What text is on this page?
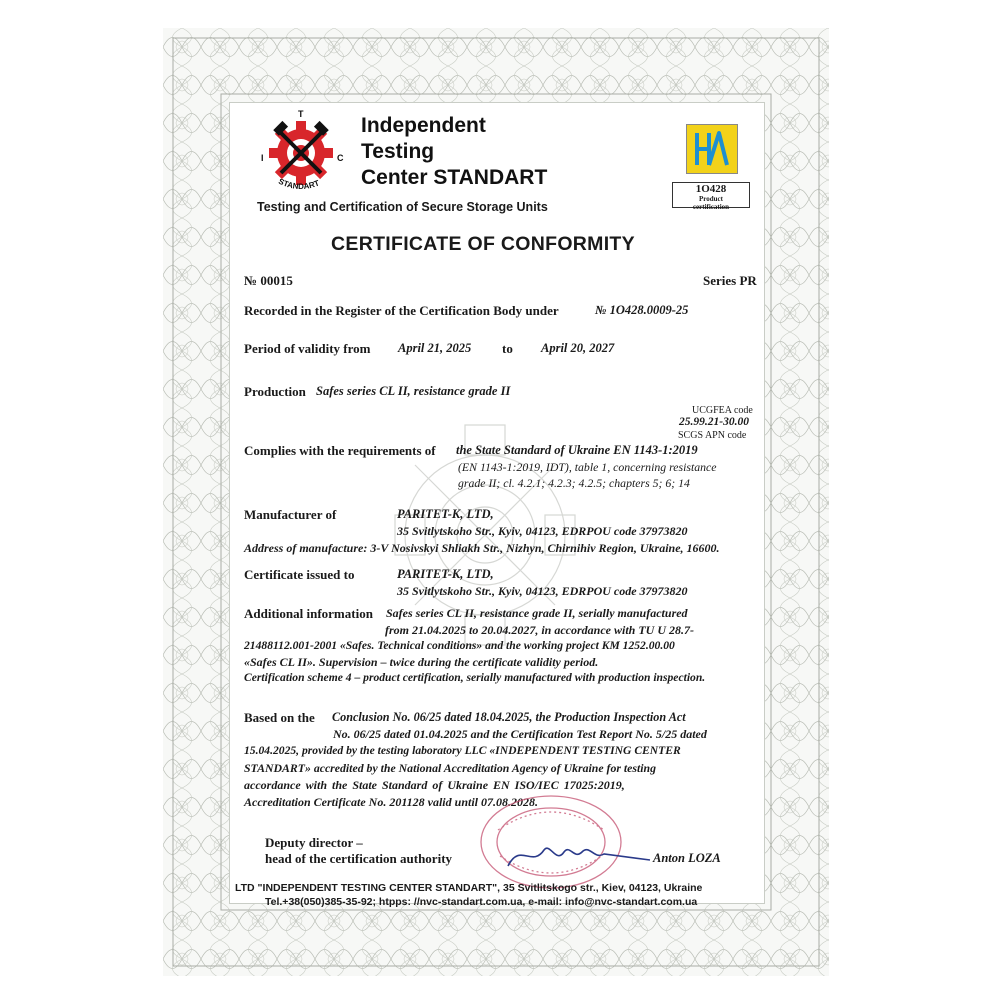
T
I	C
STANDART
Independent
Testing
Center STANDART
Testing and Certification of Secure Storage Units
1O428
Product
certification
CERTIFICATE OF CONFORMITY
№ 00015	Series PR
Recorded in the Register of the Certification Body under	№ 1O428.0009-25
Period of validity from April 21, 2025 to April 20, 2027
Production Safes series CL II, resistance grade II
UCGFEA code
25.99.21-30.00
SCGS APN code
Complies with the requirements of the State Standard of Ukraine EN 1143-1:2019
(EN 1143-1:2019, IDT), table 1, concerning resistance
grade II; cl. 4.2.1; 4.2.3; 4.2.5; chapters 5; 6; 14
Manufacturer of	PARITET-K, LTD,
35 Svitlytskoho Str., Kyiv, 04123, EDRPOU code 37973820
Address of manufacture: 3-V Nosivskyi Shliakh Str., Nizhyn, Chirnihiv Region, Ukraine, 16600.
Certificate issued to	PARITET-K, LTD,
35 Svitlytskoho Str., Kyiv, 04123, EDRPOU code 37973820
Additional information Safes series CL II, resistance grade II, serially manufactured
from 21.04.2025 to 20.04.2027, in accordance with TU U 28.7-
21488112.001-2001 «Safes. Technical conditions» and the working project KM 1252.00.00
«Safes CL II». Supervision – twice during the certificate validity period.
Certification scheme 4 – product certification, serially manufactured with production inspection.
Based on the Conclusion No. 06/25 dated 18.04.2025, the Production Inspection Act
No. 06/25 dated 01.04.2025 and the Certification Test Report No. 5/25 dated
15.04.2025, provided by the testing laboratory LLC «INDEPENDENT TESTING CENTER
STANDART» accredited by the National Accreditation Agency of Ukraine for testing
accordance with the State Standard of Ukraine EN ISO/IEC 17025:2019,
Accreditation Certificate No. 201128 valid until 07.08.2028.
Deputy director –
head of the certification authority	Anton LOZA
LTD "INDEPENDENT TESTING CENTER STANDART", 35 Svitlitskogo str., Kiev, 04123, Ukraine
Tel.+38(050)385-35-92; htpps: //nvc-standart.com.ua, e-mail: info@nvc-standart.com.ua
